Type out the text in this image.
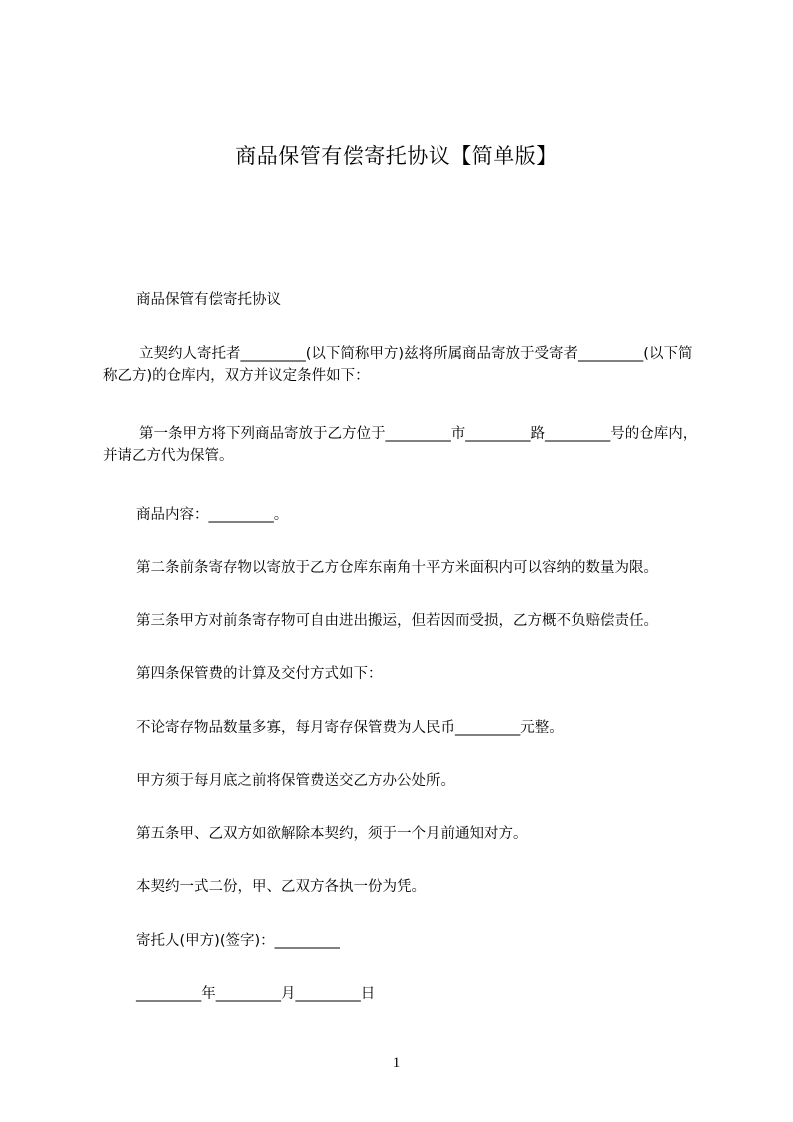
商品保管有偿寄托协议【简单版】
商品保管有偿寄托协议
立契约人寄托者_________(以下简称甲方)兹将所属商品寄放于受寄者_________(以下简称乙方)的仓库内，双方并议定条件如下：
第一条甲方将下列商品寄放于乙方位于_________市_________路_________号的仓库内，并请乙方代为保管。
商品内容：_________。
第二条前条寄存物以寄放于乙方仓库东南角十平方米面积内可以容纳的数量为限。
第三条甲方对前条寄存物可自由进出搬运，但若因而受损，乙方概不负赔偿责任。
第四条保管费的计算及交付方式如下：
不论寄存物品数量多寡，每月寄存保管费为人民币_________元整。
甲方须于每月底之前将保管费送交乙方办公处所。
第五条甲、乙双方如欲解除本契约，须于一个月前通知对方。
本契约一式二份，甲、乙双方各执一份为凭。
寄托人(甲方)(签字)：_________
_________年_________月_________日
1
